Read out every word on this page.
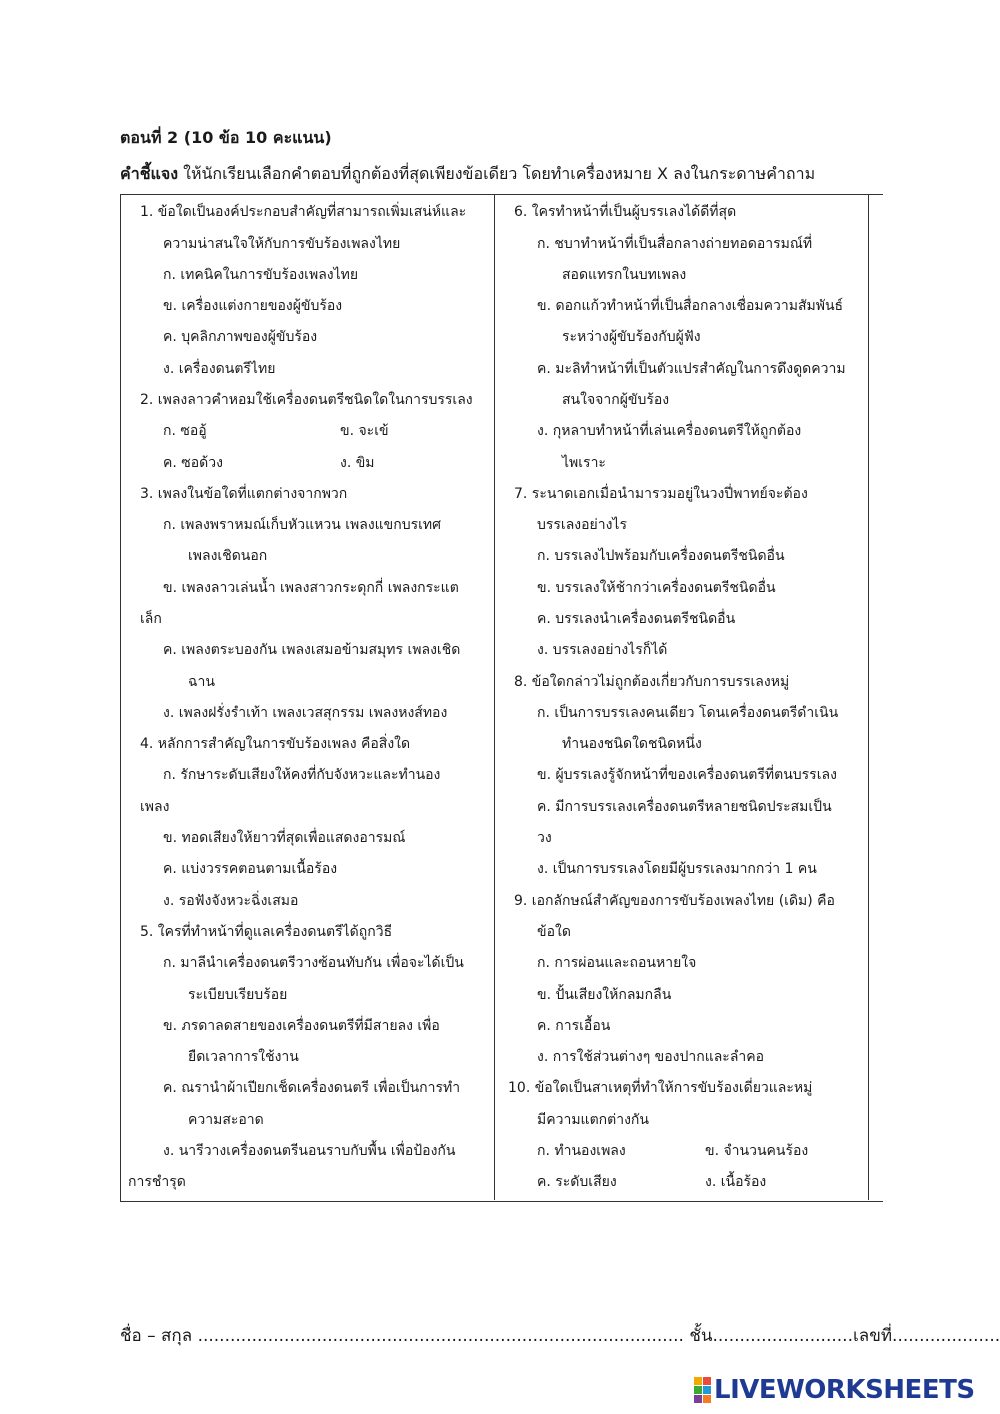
ตอนที่ 2 (10 ข้อ 10 คะแนน)
คำชี้แจง ให้นักเรียนเลือกคำตอบที่ถูกต้องที่สุดเพียงข้อเดียว โดยทำเครื่องหมาย X ลงในกระดาษคำถาม
1. ข้อใดเป็นองค์ประกอบสำคัญที่สามารถเพิ่มเสน่ห์และ
ความน่าสนใจให้กับการขับร้องเพลงไทย
ก. เทคนิคในการขับร้องเพลงไทย
ข. เครื่องแต่งกายของผู้ขับร้อง
ค. บุคลิกภาพของผู้ขับร้อง
ง. เครื่องดนตรีไทย
2. เพลงลาวคำหอมใช้เครื่องดนตรีชนิดใดในการบรรเลง
ก. ซออู้	ข. จะเข้
ค. ซอด้วง	ง. ขิม
3. เพลงในข้อใดที่แตกต่างจากพวก
ก. เพลงพราหมณ์เก็บหัวแหวน เพลงแขกบรเทศ
เพลงเชิดนอก
ข. เพลงลาวเล่นน้ำ เพลงสาวกระดุกกี่ เพลงกระแต
เล็ก
ค. เพลงตระบองกัน เพลงเสมอข้ามสมุทร เพลงเชิด
ฉาน
ง. เพลงฝรั่งรำเท้า เพลงเวสสุกรรม เพลงหงส์ทอง
4. หลักการสำคัญในการขับร้องเพลง คือสิ่งใด
ก. รักษาระดับเสียงให้คงที่กับจังหวะและทำนอง
เพลง
ข. ทอดเสียงให้ยาวที่สุดเพื่อแสดงอารมณ์
ค. แบ่งวรรคตอนตามเนื้อร้อง
ง. รอฟังจังหวะฉิ่งเสมอ
5. ใครที่ทำหน้าที่ดูแลเครื่องดนตรีได้ถูกวิธี
ก. มาลีนำเครื่องดนตรีวางซ้อนทับกัน เพื่อจะได้เป็น
ระเบียบเรียบร้อย
ข. ภรดาลดสายของเครื่องดนตรีที่มีสายลง เพื่อ
ยืดเวลาการใช้งาน
ค. ณรานำผ้าเปียกเช็ดเครื่องดนตรี เพื่อเป็นการทำ
ความสะอาด
ง. นารีวางเครื่องดนตรีนอนราบกับพื้น เพื่อป้องกัน
การชำรุด
6. ใครทำหน้าที่เป็นผู้บรรเลงได้ดีที่สุด
ก. ชบาทำหน้าที่เป็นสื่อกลางถ่ายทอดอารมณ์ที่
สอดแทรกในบทเพลง
ข. ดอกแก้วทำหน้าที่เป็นสื่อกลางเชื่อมความสัมพันธ์
ระหว่างผู้ขับร้องกับผู้ฟัง
ค. มะลิทำหน้าที่เป็นตัวแปรสำคัญในการดึงดูดความ
สนใจจากผู้ขับร้อง
ง. กุหลาบทำหน้าที่เล่นเครื่องดนตรีให้ถูกต้อง
ไพเราะ
7. ระนาดเอกเมื่อนำมารวมอยู่ในวงปี่พาทย์จะต้อง
บรรเลงอย่างไร
ก. บรรเลงไปพร้อมกับเครื่องดนตรีชนิดอื่น
ข. บรรเลงให้ช้ากว่าเครื่องดนตรีชนิดอื่น
ค. บรรเลงนำเครื่องดนตรีชนิดอื่น
ง. บรรเลงอย่างไรก็ได้
8. ข้อใดกล่าวไม่ถูกต้องเกี่ยวกับการบรรเลงหมู่
ก. เป็นการบรรเลงคนเดียว โดนเครื่องดนตรีดำเนิน
ทำนองชนิดใดชนิดหนึ่ง
ข. ผู้บรรเลงรู้จักหน้าที่ของเครื่องดนตรีที่ตนบรรเลง
ค. มีการบรรเลงเครื่องดนตรีหลายชนิดประสมเป็น
วง
ง. เป็นการบรรเลงโดยมีผู้บรรเลงมากกว่า 1 คน
9. เอกลักษณ์สำคัญของการขับร้องเพลงไทย (เดิม) คือ
ข้อใด
ก. การผ่อนและถอนหายใจ
ข. ปั้นเสียงให้กลมกลืน
ค. การเอื้อน
ง. การใช้ส่วนต่างๆ ของปากและลำคอ
10. ข้อใดเป็นสาเหตุที่ทำให้การขับร้องเดี่ยวและหมู่
มีความแตกต่างกัน
ก. ทำนองเพลง	ข. จำนวนคนร้อง
ค. ระดับเสียง	ง. เนื้อร้อง
ชื่อ – สกุล .......................................................................................... ชั้น..........................เลขที่....................
LIVEWORKSHEETS
